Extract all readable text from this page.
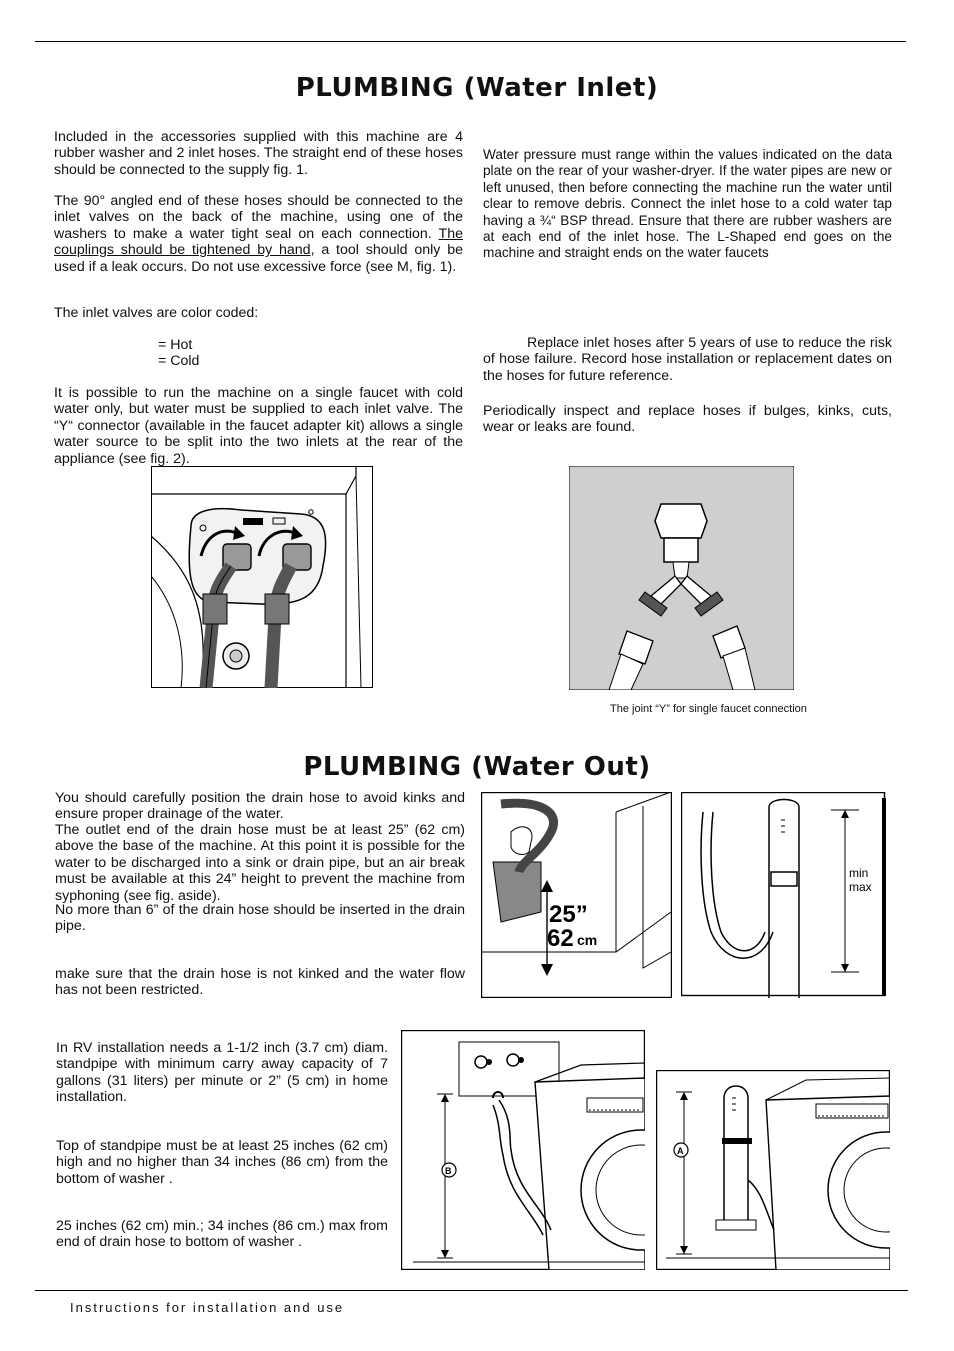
PLUMBING (Water Inlet)

Included in the accessories supplied with this machine are 4 rubber washer and 2 inlet hoses. The straight end of these hoses should be connected to the supply fig. 1.

The 90° angled end of these hoses should be connected to the inlet valves on the back of the machine, using one of the washers to make a water tight seal on each connection. The couplings should be tightened by hand, a tool should only be used if a leak occurs. Do not use excessive force (see M, fig. 1).

The inlet valves are color coded:

= Hot

= Cold

It is possible to run the machine on a single faucet with cold water only, but water must be supplied to each inlet valve. The “Y“ connector (available in the faucet adapter kit) allows a single water source to be split into the two inlets at the rear of the appliance (see fig. 2).

Water pressure must range within the values indicated on the data plate on the rear of your washer-dryer. If the water pipes are new or left unused, then before connecting the machine run the water until clear to remove debris. Connect the inlet hose to a cold water tap having a ¾“ BSP thread. Ensure that there are rubber washers are at each end of the inlet hose. The L-Shaped end goes on the machine and straight ends on the water faucets

Replace inlet hoses after 5 years of use to reduce the risk of hose failure. Record hose installation or replacement dates on the hoses for future reference.

Periodically inspect and replace hoses if bulges, kinks, cuts, wear or leaks are found.

The joint “Y” for single faucet connection
PLUMBING (Water Out)

You should carefully position the drain hose to avoid kinks and ensure proper drainage of the water.

The outlet end of the drain hose must be at least 25” (62 cm) above the base of the machine. At this point it is possible for the water to be discharged into a sink or drain pipe, but an air break must be available at this 24” height to prevent the machine from syphoning (see fig. aside).

No more than 6” of the drain hose should be inserted in the drain pipe.

make sure that the drain hose is not kinked and the water flow has not been restricted.

In RV installation needs a 1-1/2 inch (3.7 cm) diam. standpipe with minimum carry away capacity of 7 gallons (31 liters) per minute or 2” (5 cm) in home installation.

Top of standpipe must be at least 25 inches (62 cm) high and no higher than 34 inches (86 cm) from the bottom of washer .

25 inches (62 cm) min.; 34 inches (86 cm.) max from end of drain hose to bottom of washer .

25”
62 cm
min
max
B
A
Instructions for installation and use
